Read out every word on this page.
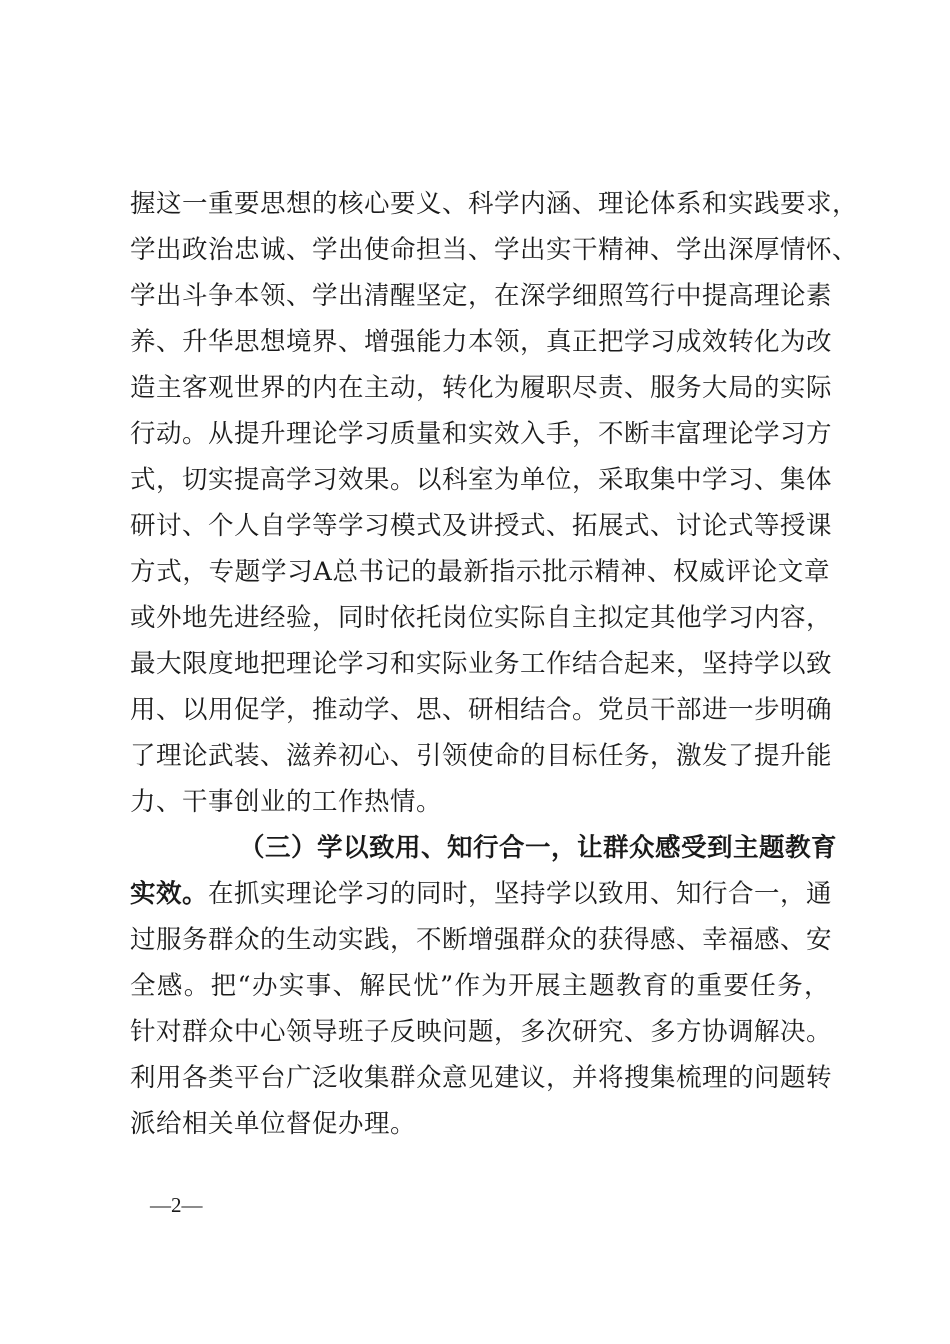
握这一重要思想的核心要义、科学内涵、理论体系和实践要求，
学出政治忠诚、学出使命担当、学出实干精神、学出深厚情怀、
学出斗争本领、学出清醒坚定，在深学细照笃行中提高理论素
养、升华思想境界、增强能力本领，真正把学习成效转化为改
造主客观世界的内在主动，转化为履职尽责、服务大局的实际
行动。从提升理论学习质量和实效入手，不断丰富理论学习方
式，切实提高学习效果。以科室为单位，采取集中学习、集体
研讨、个人自学等学习模式及讲授式、拓展式、讨论式等授课
方式，专题学习A总书记的最新指示批示精神、权威评论文章
或外地先进经验，同时依托岗位实际自主拟定其他学习内容，
最大限度地把理论学习和实际业务工作结合起来，坚持学以致
用、以用促学，推动学、思、研相结合。党员干部进一步明确
了理论武装、滋养初心、引领使命的目标任务，激发了提升能
力、干事创业的工作热情。
（三）学以致用、知行合一，让群众感受到主题教育
实效。在抓实理论学习的同时，坚持学以致用、知行合一，通
过服务群众的生动实践，不断增强群众的获得感、幸福感、安
全感。把“办实事、解民忧”作为开展主题教育的重要任务，
针对群众中心领导班子反映问题，多次研究、多方协调解决。
利用各类平台广泛收集群众意见建议，并将搜集梳理的问题转
派给相关单位督促办理。
—2—
